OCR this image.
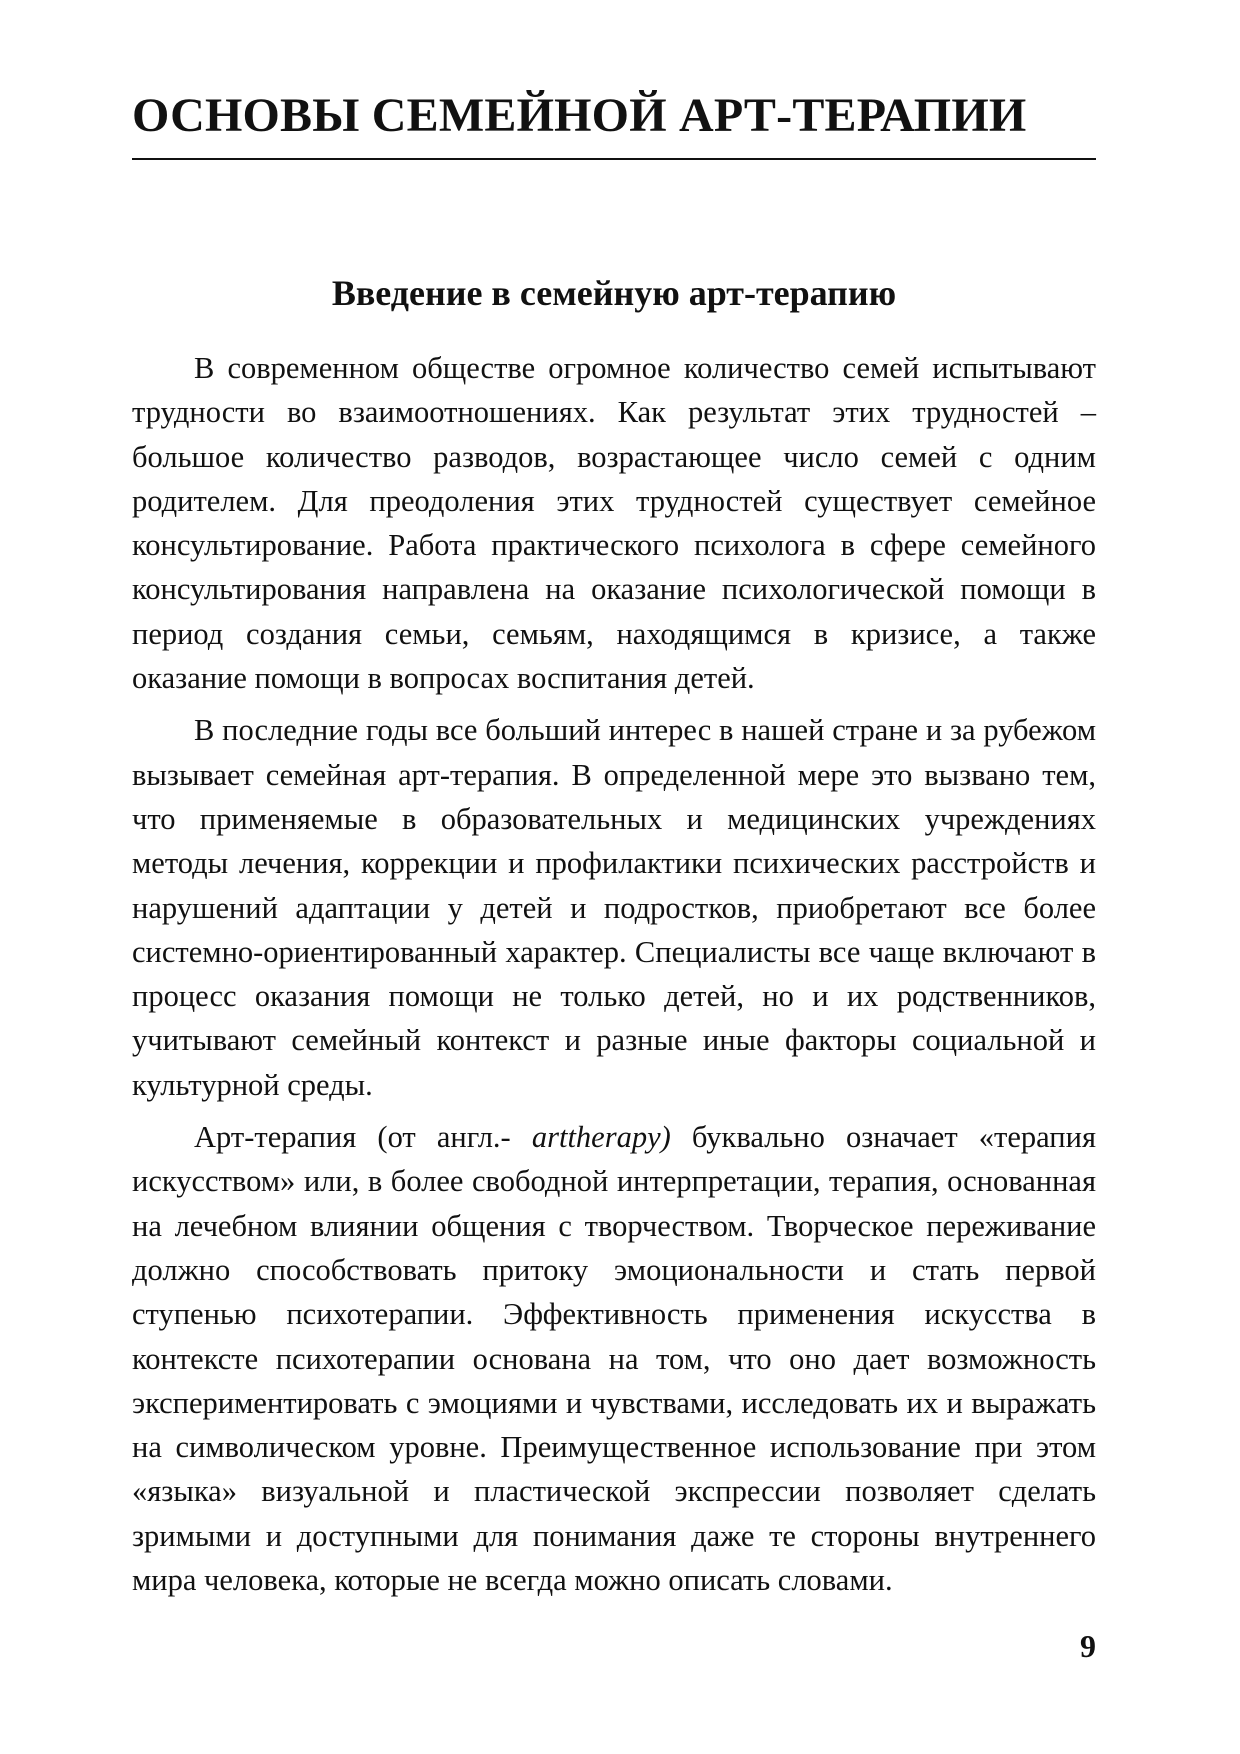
ОСНОВЫ СЕМЕЙНОЙ АРТ-ТЕРАПИИ
Введение в семейную арт-терапию

В современном обществе огромное количество семей испытывают трудности во взаимоотношениях. Как результат этих трудностей – большое количество разводов, возрастающее число семей с одним родителем. Для преодоления этих трудностей существует семейное консультирование. Работа практического психолога в сфере семейного консультирования направлена на оказание психологической помощи в период создания семьи, семьям, находящимся в кризисе, а также оказание помощи в вопросах воспитания детей.

В последние годы все больший интерес в нашей стране и за рубежом вызывает семейная арт-терапия. В определенной мере это вызвано тем, что применяемые в образовательных и медицинских учреждениях методы лечения, коррекции и профилактики психических расстройств и нарушений адаптации у детей и подростков, приобретают все более системно-ориентированный характер. Специалисты все чаще включают в процесс оказания помощи не только детей, но и их родственников, учитывают семейный контекст и разные иные факторы социальной и культурной среды.

Арт-терапия (от англ.- arttherapy) буквально означает «терапия искусством» или, в более свободной интерпретации, терапия, основанная на лечебном влиянии общения с творчеством. Творческое переживание должно способствовать притоку эмоциональности и стать первой ступенью психотерапии. Эффективность применения искусства в контексте психотерапии основана на том, что оно дает возможность экспериментировать с эмоциями и чувствами, исследовать их и выражать на символическом уровне. Преимущественное использование при этом «языка» визуальной и пластической экспрессии позволяет сделать зримыми и доступными для понимания даже те стороны внутреннего мира человека, которые не всегда можно описать словами.

9
